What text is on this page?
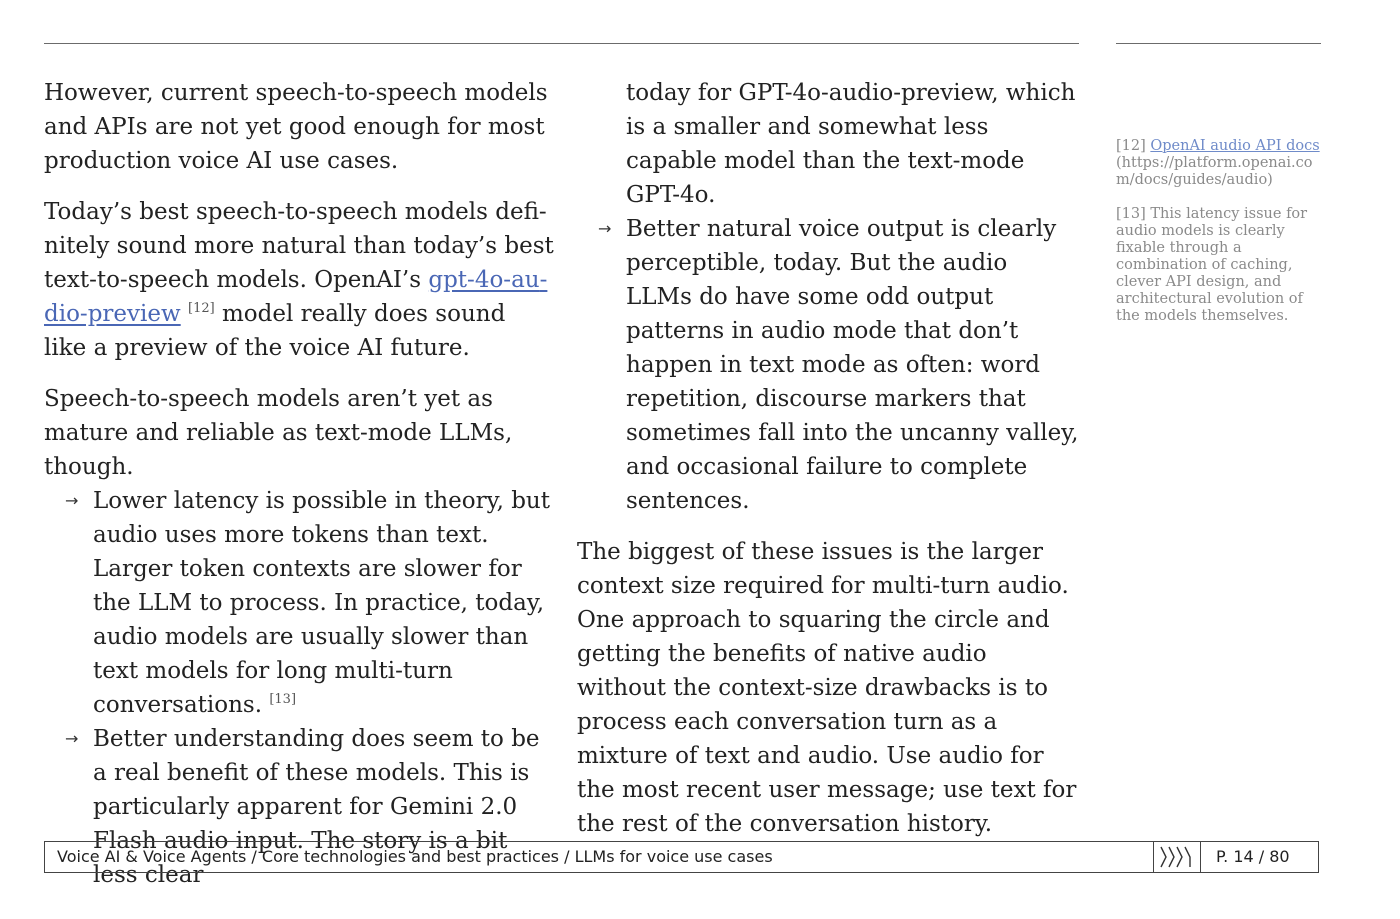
However, current speech-to-speech models and APIs are not yet good enough for most production voice AI use cases.

Today’s best speech-to-speech models definitely sound more natural than today’s best text-to-speech models. OpenAI’s gpt-4o-audio-preview [12] model really does sound like a preview of the voice AI future.

Speech-to-speech models aren’t yet as mature and reliable as text-mode LLMs, though.

→ Lower latency is possible in theory, but audio uses more tokens than text. Larger token contexts are slower for the LLM to process. In practice, today, audio models are usually slower than text models for long multi-turn conversations. [13]
→ Better understanding does seem to be a real benefit of these models. This is particularly apparent for Gemini 2.0 Flash audio input. The story is a bit less clear
today for GPT-4o-audio-preview, which is a smaller and somewhat less capable model than the text-mode GPT-4o.
→ Better natural voice output is clearly perceptible, today. But the audio LLMs do have some odd output patterns in audio mode that don’t happen in text mode as often: word repetition, discourse markers that sometimes fall into the uncanny valley, and occasional failure to complete sentences.

The biggest of these issues is the larger context size required for multi-turn audio. One approach to squaring the circle and getting the benefits of native audio without the context-size drawbacks is to process each conversation turn as a mixture of text and audio. Use audio for the most recent user message; use text for the rest of the conversation history.

[12] OpenAI audio API docs
(https://platform.openai.com/docs/guides/audio)

[13] This latency issue for audio models is clearly fixable through a combination of caching, clever API design, and architectural evolution of the models themselves.

Voice AI & Voice Agents / Core technologies and best practices / LLMs for voice use cases	P. 14 / 80
